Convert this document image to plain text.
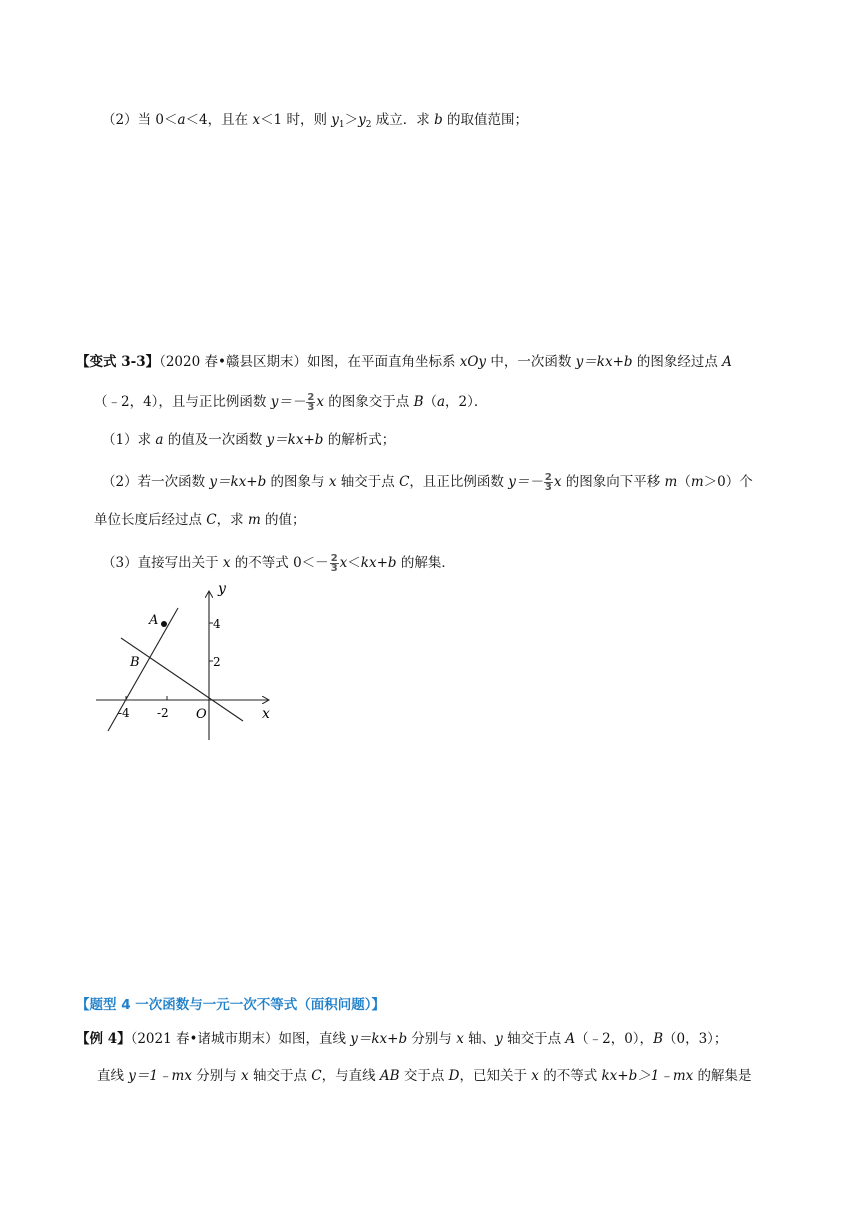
（2）当 0＜a＜4，且在 x＜1 时，则 $y_1>y_2$ 成立．求 b 的取值范围；
【变式 3-3】（2020 春•赣县区期末）如图，在平面直角坐标系 xOy 中，一次函数 y＝kx+b 的图象经过点 A
（﹣2，4），且与正比例函数 $y=- \frac{2}{3}$ x 的图象交于点 B（a，2）．
（1）求 a 的值及一次函数 y＝kx+b 的解析式；
（2）若一次函数 y＝kx+b 的图象与 x 轴交于点 C，且正比例函数 $y=- \frac{2}{3}$ x 的图象向下平移 m（m＞0）个
单位长度后经过点 C，求 m 的值；
（3）直接写出关于 x 的不等式 $0<- \frac{2}{3} x<kx+b$ 的解集．
y
x
O
A
B
4
2
-4 -2
【题型 4 一次函数与一元一次不等式（面积问题）】
【例 4】（2021 春•诸城市期末）如图，直线 y＝kx+b 分别与 x 轴、y 轴交于点 A（﹣2，0），B（0，3）；
直线 y＝1﹣mx 分别与 x 轴交于点 C，与直线 AB 交于点 D，已知关于 x 的不等式 kx+b＞1﹣mx 的解集是
